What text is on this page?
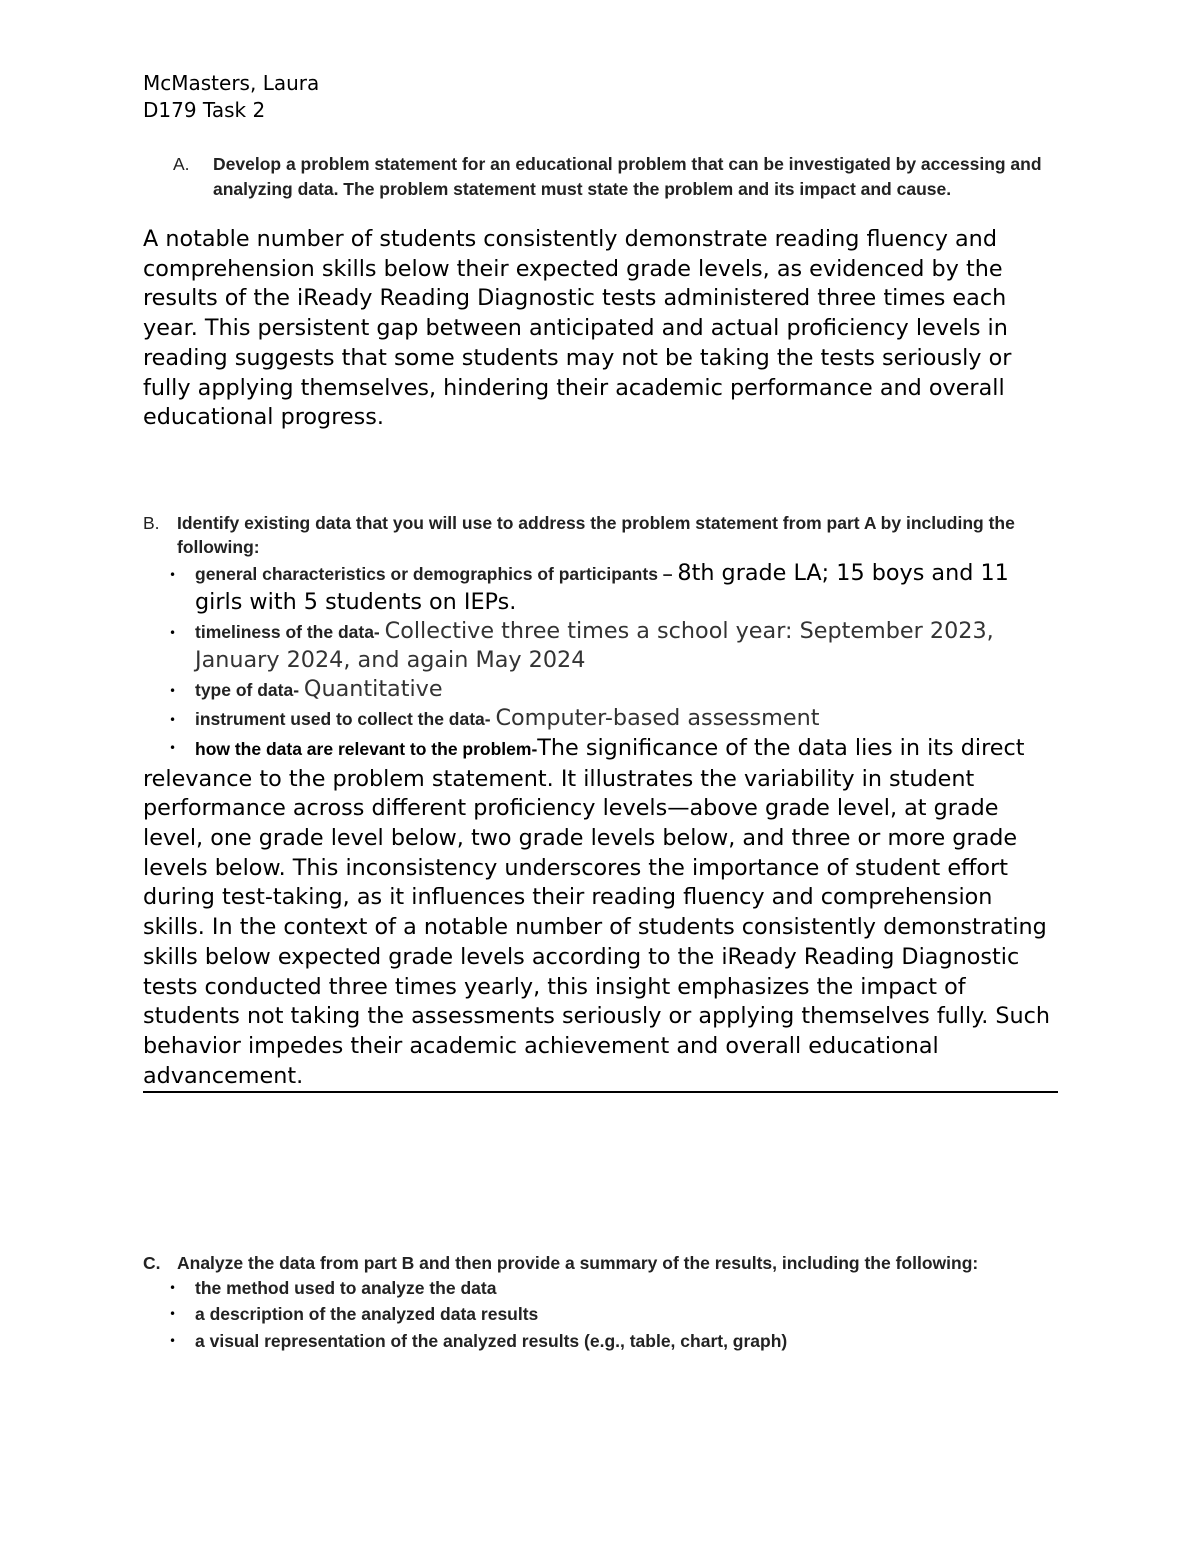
McMasters, Laura

D179 Task 2

A. Develop a problem statement for an educational problem that can be investigated by accessing and analyzing data. The problem statement must state the problem and its impact and cause.

A notable number of students consistently demonstrate reading fluency and comprehension skills below their expected grade levels, as evidenced by the results of the iReady Reading Diagnostic tests administered three times each year. This persistent gap between anticipated and actual proficiency levels in reading suggests that some students may not be taking the tests seriously or fully applying themselves, hindering their academic performance and overall educational progress.

B. Identify existing data that you will use to address the problem statement from part A by including the following:

• general characteristics or demographics of participants – 8th grade LA; 15 boys and 11 girls with 5 students on IEPs.
• timeliness of the data- Collective three times a school year: September 2023, January 2024, and again May 2024
• type of data- Quantitative
• instrument used to collect the data- Computer-based assessment

• how the data are relevant to the problem-The significance of the data lies in its direct relevance to the problem statement. It illustrates the variability in student performance across different proficiency levels—above grade level, at grade level, one grade level below, two grade levels below, and three or more grade levels below. This inconsistency underscores the importance of student effort during test-taking, as it influences their reading fluency and comprehension skills. In the context of a notable number of students consistently demonstrating skills below expected grade levels according to the iReady Reading Diagnostic tests conducted three times yearly, this insight emphasizes the impact of students not taking the assessments seriously or applying themselves fully. Such behavior impedes their academic achievement and overall educational advancement.

C. Analyze the data from part B and then provide a summary of the results, including the following:

• the method used to analyze the data
• a description of the analyzed data results
• a visual representation of the analyzed results (e.g., table, chart, graph)
